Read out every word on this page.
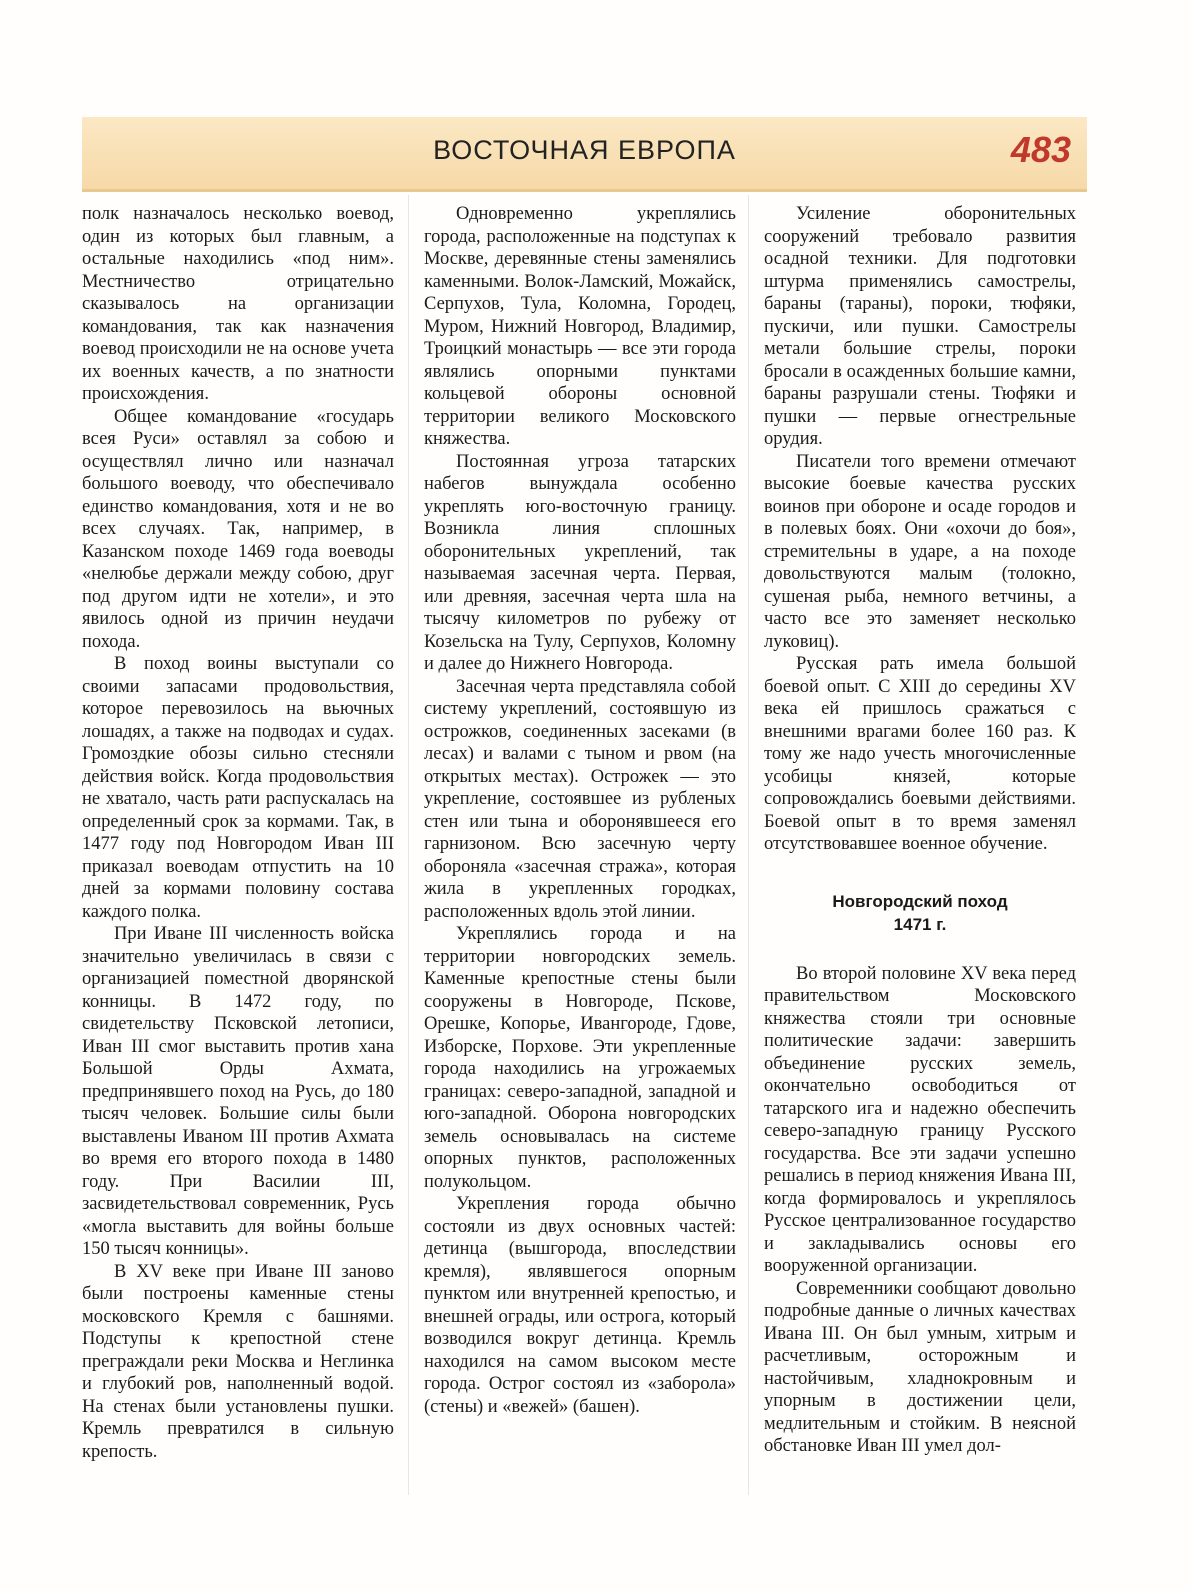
ВОСТОЧНАЯ ЕВРОПА	483

полк назначалось несколько воевод, один из которых был главным, а остальные находились «под ним». Местничество отрицательно сказывалось на организации командования, так как назначения воевод происходили не на основе учета их военных качеств, а по знатности происхождения.

Общее командование «государь всея Руси» оставлял за собою и осуществлял лично или назначал большого воеводу, что обеспечивало единство командования, хотя и не во всех случаях. Так, например, в Казанском походе 1469 года воеводы «нелюбье держали между собою, друг под другом идти не хотели», и это явилось одной из причин неудачи похода.

В поход воины выступали со своими запасами продовольствия, которое перевозилось на вьючных лошадях, а также на подводах и судах. Громоздкие обозы сильно стесняли действия войск. Когда продовольствия не хватало, часть рати распускалась на определенный срок за кормами. Так, в 1477 году под Новгородом Иван III приказал воеводам отпустить на 10 дней за кормами половину состава каждого полка.

При Иване III численность войска значительно увеличилась в связи с организацией поместной дворянской конницы. В 1472 году, по свидетельству Псковской летописи, Иван III смог выставить против хана Большой Орды Ахмата, предпринявшего поход на Русь, до 180 тысяч человек. Большие силы были выставлены Иваном III против Ахмата во время его второго похода в 1480 году. При Василии III, засвидетельствовал современник, Русь «могла выставить для войны больше 150 тысяч конницы».

В XV веке при Иване III заново были построены каменные стены московского Кремля с башнями. Подступы к крепостной стене преграждали реки Москва и Неглинка и глубокий ров, наполненный водой. На стенах были установлены пушки. Кремль превратился в сильную крепость.

Одновременно укреплялись города, расположенные на подступах к Москве, деревянные стены заменялись каменными. Волок-Ламский, Можайск, Серпухов, Тула, Коломна, Городец, Муром, Нижний Новгород, Владимир, Троицкий монастырь — все эти города являлись опорными пунктами кольцевой обороны основной территории великого Московского княжества.

Постоянная угроза татарских набегов вынуждала особенно укреплять юго-восточную границу. Возникла линия сплошных оборонительных укреплений, так называемая засечная черта. Первая, или древняя, засечная черта шла на тысячу километров по рубежу от Козельска на Тулу, Серпухов, Коломну и далее до Нижнего Новгорода.

Засечная черта представляла собой систему укреплений, состоявшую из острожков, соединенных засеками (в лесах) и валами с тыном и рвом (на открытых местах). Острожек — это укрепление, состоявшее из рубленых стен или тына и оборонявшееся его гарнизоном. Всю засечную черту обороняла «засечная стража», которая жила в укрепленных городках, расположенных вдоль этой линии.

Укреплялись города и на территории новгородских земель. Каменные крепостные стены были сооружены в Новгороде, Пскове, Орешке, Копорье, Ивангороде, Гдове, Изборске, Порхове. Эти укрепленные города находились на угрожаемых границах: северо-западной, западной и юго-западной. Оборона новгородских земель основывалась на системе опорных пунктов, расположенных полукольцом.

Укрепления города обычно состояли из двух основных частей: детинца (вышгорода, впоследствии кремля), являвшегося опорным пунктом или внутренней крепостью, и внешней ограды, или острога, который возводился вокруг детинца. Кремль находился на самом высоком месте города. Острог состоял из «заборола» (стены) и «вежей» (башен).

Усиление оборонительных сооружений требовало развития осадной техники. Для подготовки штурма применялись самострелы, бараны (тараны), пороки, тюфяки, пускичи, или пушки. Самострелы метали большие стрелы, пороки бросали в осажденных большие камни, бараны разрушали стены. Тюфяки и пушки — первые огнестрельные орудия.

Писатели того времени отмечают высокие боевые качества русских воинов при обороне и осаде городов и в полевых боях. Они «охочи до боя», стремительны в ударе, а на походе довольствуются малым (толокно, сушеная рыба, немного ветчины, а часто все это заменяет несколько луковиц).

Русская рать имела большой боевой опыт. С XIII до середины XV века ей пришлось сражаться с внешними врагами более 160 раз. К тому же надо учесть многочисленные усобицы князей, которые сопровождались боевыми действиями. Боевой опыт в то время заменял отсутствовавшее военное обучение.

Новгородский поход
1471 г.

Во второй половине XV века перед правительством Московского княжества стояли три основные политические задачи: завершить объединение русских земель, окончательно освободиться от татарского ига и надежно обеспечить северо-западную границу Русского государства. Все эти задачи успешно решались в период княжения Ивана III, когда формировалось и укреплялось Русское централизованное государство и закладывались основы его вооруженной организации.

Современники сообщают довольно подробные данные о личных качествах Ивана III. Он был умным, хитрым и расчетливым, осторожным и настойчивым, хладнокровным и упорным в достижении цели, медлительным и стойким. В неясной обстановке Иван III умел дол-
